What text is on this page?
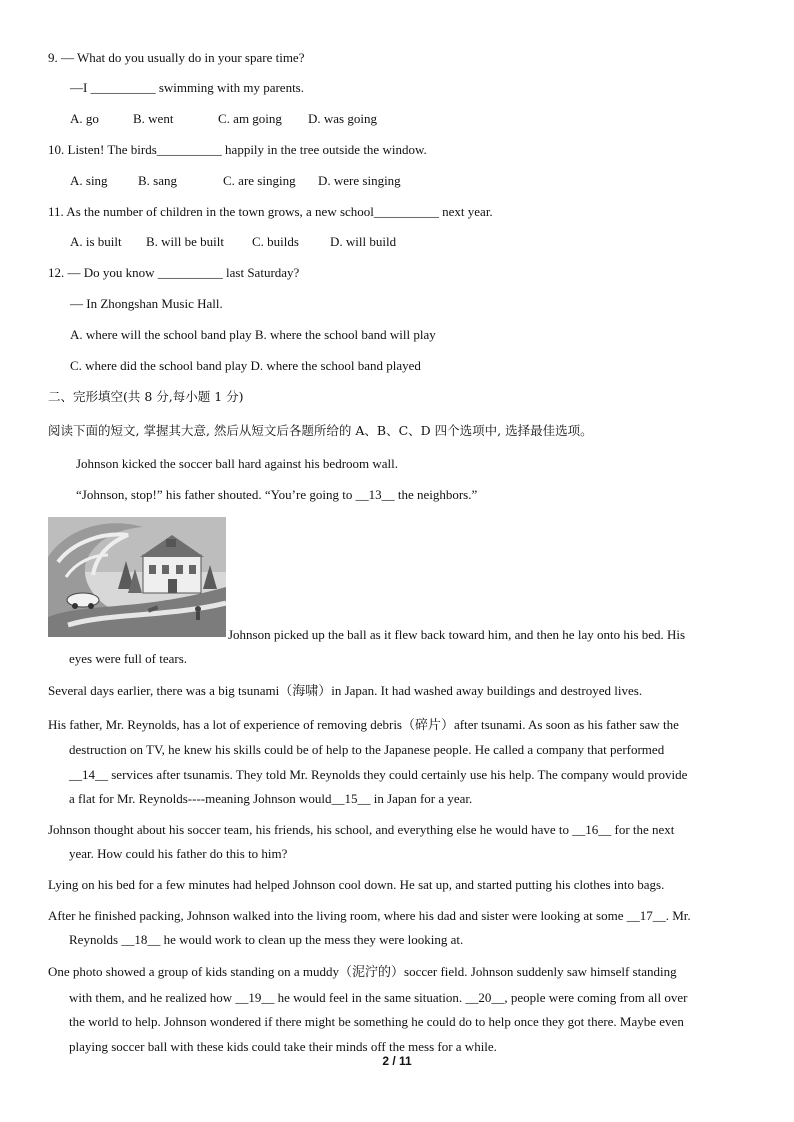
9. — What do you usually do in your spare time?
—I __________ swimming with my parents.
A. go	B. went	C. am going D. was going
10. Listen! The birds__________ happily in the tree outside the window.
A. sing B. sang	C. are singing D. were singing
11. As the number of children in the town grows, a new school__________ next year.
A. is built B. will be built C. builds D. will build
12. — Do you know __________ last Saturday?
— In Zhongshan Music Hall.
A. where will the school band play B. where the school band will play
C. where did the school band play D. where the school band played
二、完形填空(共 8 分,每小题 1 分)
阅读下面的短文, 掌握其大意, 然后从短文后各题所给的 A、B、C、D 四个选项中, 选择最佳选项。
Johnson kicked the soccer ball hard against his bedroom wall.
“Johnson, stop!” his father shouted. “You’re going to __13__ the neighbors.”
Johnson picked up the ball as it flew back toward him, and then he lay onto his bed. His
eyes were full of tears.
Several days earlier, there was a big tsunami（海啸）in Japan. It had washed away buildings and destroyed lives.
His father, Mr. Reynolds, has a lot of experience of removing debris（碎片）after tsunami. As soon as his father saw the
destruction on TV, he knew his skills could be of help to the Japanese people. He called a company that performed
__14__ services after tsunamis. They told Mr. Reynolds they could certainly use his help. The company would provide
a flat for Mr. Reynolds----meaning Johnson would__15__ in Japan for a year.
Johnson thought about his soccer team, his friends, his school, and everything else he would have to __16__ for the next
year. How could his father do this to him?
Lying on his bed for a few minutes had helped Johnson cool down. He sat up, and started putting his clothes into bags.
After he finished packing, Johnson walked into the living room, where his dad and sister were looking at some __17__. Mr.
Reynolds __18__ he would work to clean up the mess they were looking at.
One photo showed a group of kids standing on a muddy（泥泞的）soccer field. Johnson suddenly saw himself standing
with them, and he realized how __19__ he would feel in the same situation. __20__, people were coming from all over
the world to help. Johnson wondered if there might be something he could do to help once they got there. Maybe even
playing soccer ball with these kids could take their minds off the mess for a while.
2 / 11
